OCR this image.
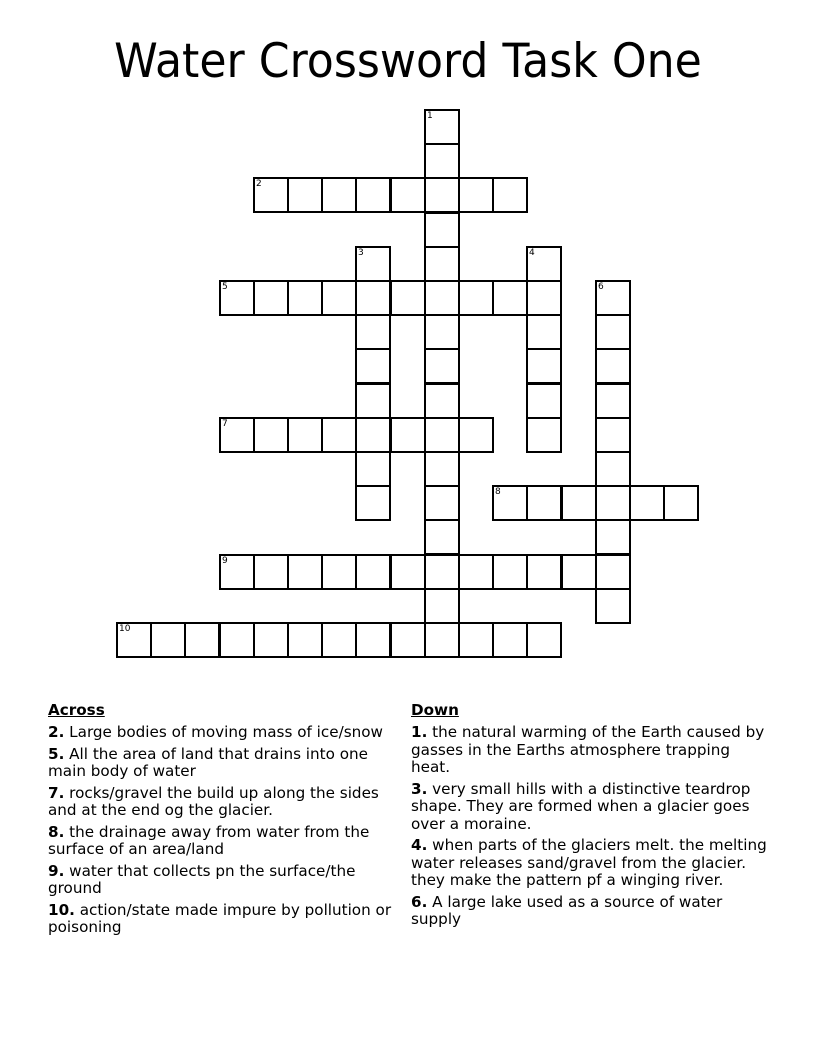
Water Crossword Task One
1
2
3	4
5	6
7
8
9
10
Across
2. Large bodies of moving mass of ice/snow
5. All the area of land that drains into one main body of water
7. rocks/gravel the build up along the sides and at the end og the glacier.
8. the drainage away from water from the surface of an area/land
9. water that collects pn the surface/the ground
10. action/state made impure by pollution or poisoning
Down
1. the natural warming of the Earth caused by gasses in the Earths atmosphere trapping heat.
3. very small hills with a distinctive teardrop shape. They are formed when a glacier goes over a moraine.
4. when parts of the glaciers melt. the melting water releases sand/gravel from the glacier. they make the pattern pf a winging river.
6. A large lake used as a source of water supply
